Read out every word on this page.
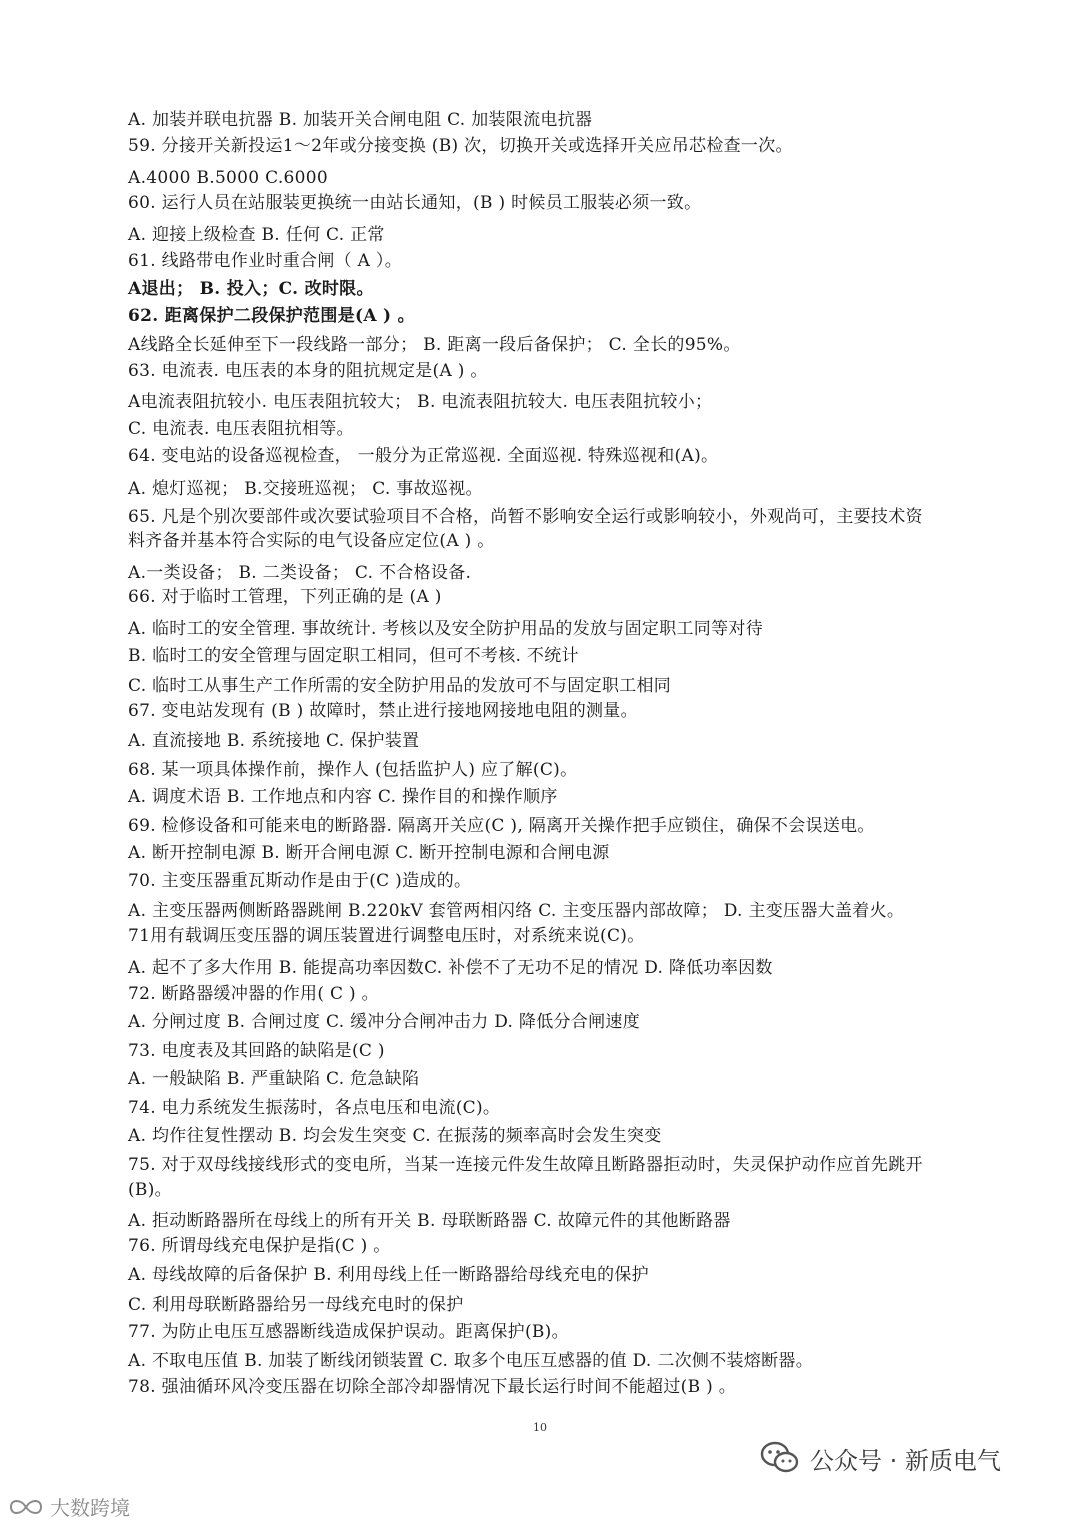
A. 加装并联电抗器 B. 加装开关合闸电阻 C. 加装限流电抗器
59. 分接开关新投运1～2年或分接变换 (B) 次，切换开关或选择开关应吊芯检查一次。
A.4000 B.5000 C.6000
60. 运行人员在站服装更换统一由站长通知，(B ) 时候员工服装必须一致。
A. 迎接上级检查 B. 任何 C. 正常
61. 线路带电作业时重合闸（ A ）。
A退出； B. 投入；C. 改时限。
62. 距离保护二段保护范围是(A ) 。
A线路全长延伸至下一段线路一部分； B. 距离一段后备保护； C. 全长的95%。
63. 电流表. 电压表的本身的阻抗规定是(A ) 。
A电流表阻抗较小. 电压表阻抗较大； B. 电流表阻抗较大. 电压表阻抗较小；
C. 电流表. 电压表阻抗相等。
64. 变电站的设备巡视检查， 一般分为正常巡视. 全面巡视. 特殊巡视和(A)。
A. 熄灯巡视； B.交接班巡视； C. 事故巡视。
65. 凡是个别次要部件或次要试验项目不合格，尚暂不影响安全运行或影响较小，外观尚可，主要技术资
料齐备并基本符合实际的电气设备应定位(A ) 。
A.一类设备； B. 二类设备； C. 不合格设备.
66. 对于临时工管理，下列正确的是 (A )
A. 临时工的安全管理. 事故统计. 考核以及安全防护用品的发放与固定职工同等对待
B. 临时工的安全管理与固定职工相同，但可不考核. 不统计
C. 临时工从事生产工作所需的安全防护用品的发放可不与固定职工相同
67. 变电站发现有 (B ) 故障时，禁止进行接地网接地电阻的测量。
A. 直流接地 B. 系统接地 C. 保护装置
68. 某一项具体操作前，操作人 (包括监护人) 应了解(C)。
A. 调度术语 B. 工作地点和内容 C. 操作目的和操作顺序
69. 检修设备和可能来电的断路器. 隔离开关应(C ), 隔离开关操作把手应锁住，确保不会误送电。
A. 断开控制电源 B. 断开合闸电源 C. 断开控制电源和合闸电源
70. 主变压器重瓦斯动作是由于(C )造成的。
A. 主变压器两侧断路器跳闸 B.220kV 套管两相闪络 C. 主变压器内部故障； D. 主变压器大盖着火。
71用有载调压变压器的调压装置进行调整电压时，对系统来说(C)。
A. 起不了多大作用 B. 能提高功率因数C. 补偿不了无功不足的情况 D. 降低功率因数
72. 断路器缓冲器的作用( C ) 。
A. 分闸过度 B. 合闸过度 C. 缓冲分合闸冲击力 D. 降低分合闸速度
73. 电度表及其回路的缺陷是(C )
A. 一般缺陷 B. 严重缺陷 C. 危急缺陷
74. 电力系统发生振荡时，各点电压和电流(C)。
A. 均作往复性摆动 B. 均会发生突变 C. 在振荡的频率高时会发生突变
75. 对于双母线接线形式的变电所，当某一连接元件发生故障且断路器拒动时，失灵保护动作应首先跳开
(B)。
A. 拒动断路器所在母线上的所有开关 B. 母联断路器 C. 故障元件的其他断路器
76. 所谓母线充电保护是指(C ) 。
A. 母线故障的后备保护 B. 利用母线上任一断路器给母线充电的保护
C. 利用母联断路器给另一母线充电时的保护
77. 为防止电压互感器断线造成保护误动。距离保护(B)。
A. 不取电压值 B. 加装了断线闭锁装置 C. 取多个电压互感器的值 D. 二次侧不装熔断器。
78. 强油循环风冷变压器在切除全部冷却器情况下最长运行时间不能超过(B ) 。
10
公众号 · 新质电气
大数跨境
